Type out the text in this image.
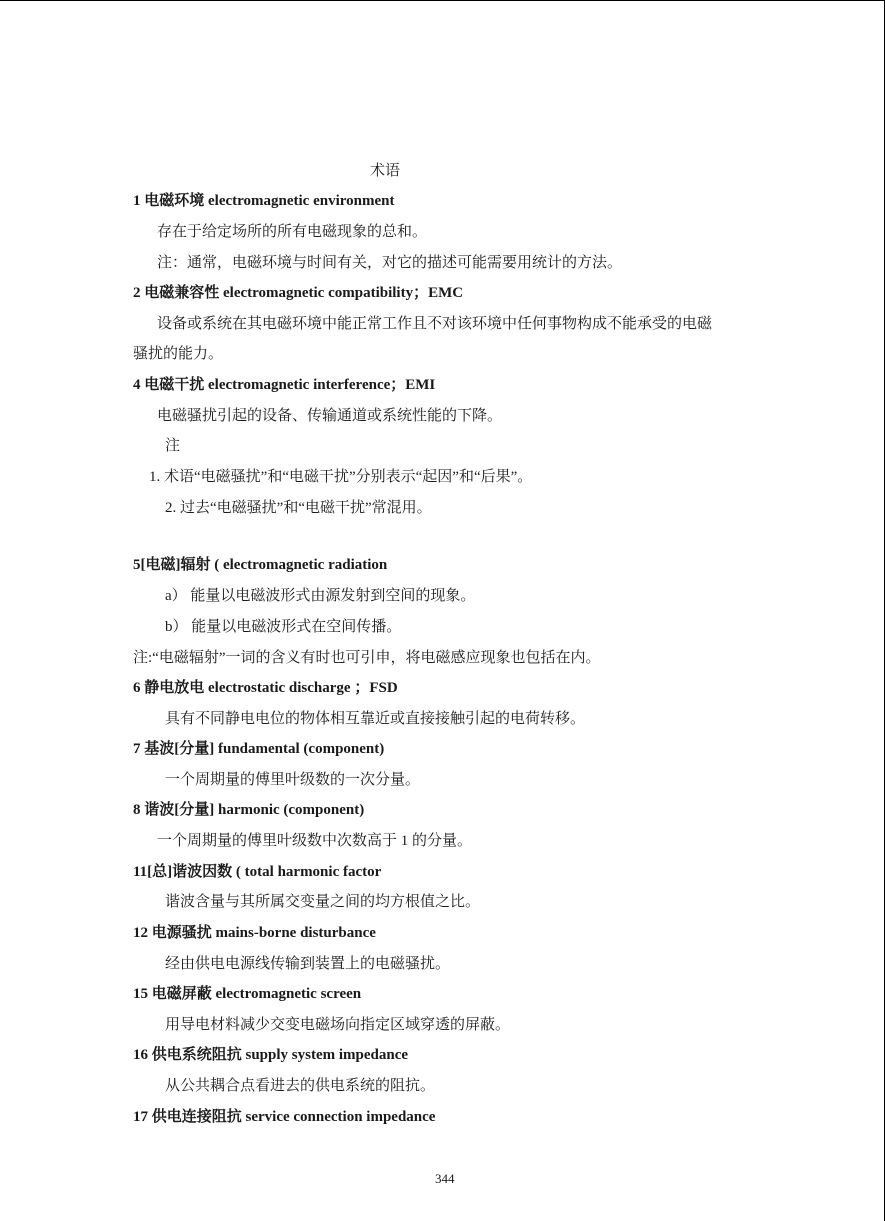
术语
1 电磁环境 electromagnetic environment
存在于给定场所的所有电磁现象的总和。
注：通常，电磁环境与时间有关，对它的描述可能需要用统计的方法。
2 电磁兼容性 electromagnetic compatibility；EMC
设备或系统在其电磁环境中能正常工作且不对该环境中任何事物构成不能承受的电磁
骚扰的能力。
4 电磁干扰 electromagnetic interference；EMI
电磁骚扰引起的设备、传输通道或系统性能的下降。
注
1. 术语“电磁骚扰”和“电磁干扰”分别表示“起因”和“后果”。
2. 过去“电磁骚扰”和“电磁干扰”常混用。
5[电磁]辐射 ( electromagnetic radiation
a） 能量以电磁波形式由源发射到空间的现象。
b） 能量以电磁波形式在空间传播。
注:“电磁辐射”一词的含义有时也可引申，将电磁感应现象也包括在内。
6 静电放电 electrostatic discharge ；FSD
具有不同静电电位的物体相互靠近或直接接触引起的电荷转移。
7 基波[分量] fundamental (component)
一个周期量的傅里叶级数的一次分量。
8 谐波[分量] harmonic (component)
一个周期量的傅里叶级数中次数高于 1 的分量。
11[总]谐波因数 ( total harmonic factor
谐波含量与其所属交变量之间的均方根值之比。
12 电源骚扰 mains-borne disturbance
经由供电电源线传输到装置上的电磁骚扰。
15 电磁屏蔽 electromagnetic screen
用导电材料减少交变电磁场向指定区域穿透的屏蔽。
16 供电系统阻抗 supply system impedance
从公共耦合点看进去的供电系统的阻抗。
17 供电连接阻抗 service connection impedance
344
